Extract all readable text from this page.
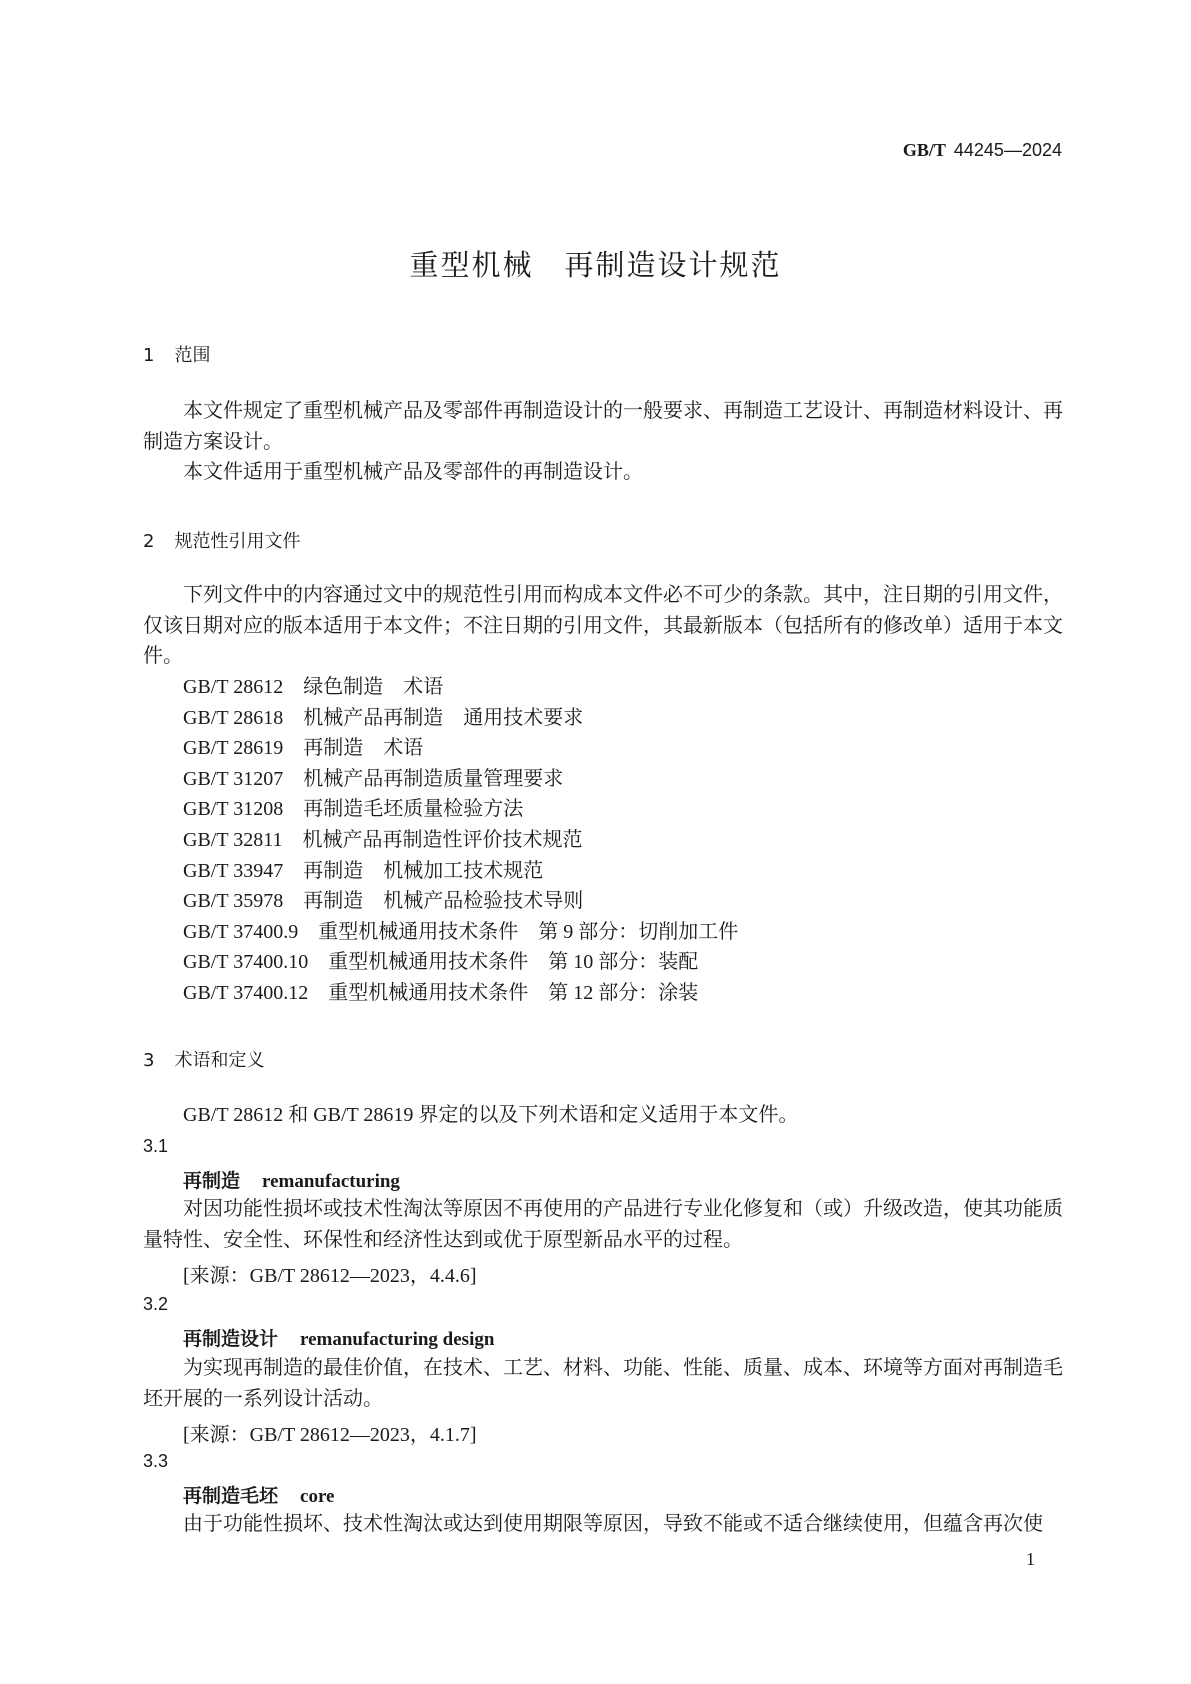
GB/T 44245—2024
重型机械　再制造设计规范
1 范围
本文件规定了重型机械产品及零部件再制造设计的一般要求、再制造工艺设计、再制造材料设计、再制造方案设计。
本文件适用于重型机械产品及零部件的再制造设计。
2 规范性引用文件
下列文件中的内容通过文中的规范性引用而构成本文件必不可少的条款。其中，注日期的引用文件，仅该日期对应的版本适用于本文件；不注日期的引用文件，其最新版本（包括所有的修改单）适用于本文件。
GB/T 28612　绿色制造　术语
GB/T 28618　机械产品再制造　通用技术要求
GB/T 28619　再制造　术语
GB/T 31207　机械产品再制造质量管理要求
GB/T 31208　再制造毛坯质量检验方法
GB/T 32811　机械产品再制造性评价技术规范
GB/T 33947　再制造　机械加工技术规范
GB/T 35978　再制造　机械产品检验技术导则
GB/T 37400.9　重型机械通用技术条件　第 9 部分：切削加工件
GB/T 37400.10　重型机械通用技术条件　第 10 部分：装配
GB/T 37400.12　重型机械通用技术条件　第 12 部分：涂装
3 术语和定义
GB/T 28612 和 GB/T 28619 界定的以及下列术语和定义适用于本文件。
3.1
再制造 remanufacturing
对因功能性损坏或技术性淘汰等原因不再使用的产品进行专业化修复和（或）升级改造，使其功能质量特性、安全性、环保性和经济性达到或优于原型新品水平的过程。
[来源：GB/T 28612—2023，4.4.6]
3.2
再制造设计 remanufacturing design
为实现再制造的最佳价值，在技术、工艺、材料、功能、性能、质量、成本、环境等方面对再制造毛坯开展的一系列设计活动。
[来源：GB/T 28612—2023，4.1.7]
3.3
再制造毛坯 core
由于功能性损坏、技术性淘汰或达到使用期限等原因，导致不能或不适合继续使用，但蕴含再次使
1
